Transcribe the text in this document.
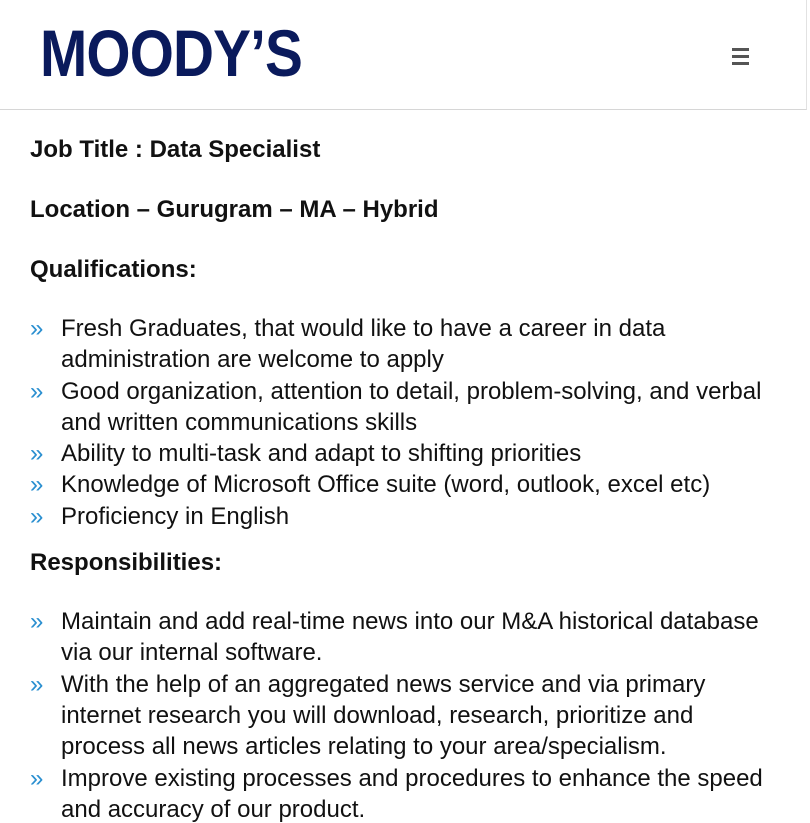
MOODY’S
Job Title : Data Specialist
Location – Gurugram – MA – Hybrid
Qualifications:
» Fresh Graduates, that would like to have a career in data
administration are welcome to apply
» Good organization, attention to detail, problem-solving, and verbal
and written communications skills
» Ability to multi-task and adapt to shifting priorities
» Knowledge of Microsoft Office suite (word, outlook, excel etc)
» Proficiency in English
Responsibilities:
» Maintain and add real-time news into our M&A historical database
via our internal software.
» With the help of an aggregated news service and via primary
internet research you will download, research, prioritize and
process all news articles relating to your area/specialism.
» Improve existing processes and procedures to enhance the speed
and accuracy of our product.
